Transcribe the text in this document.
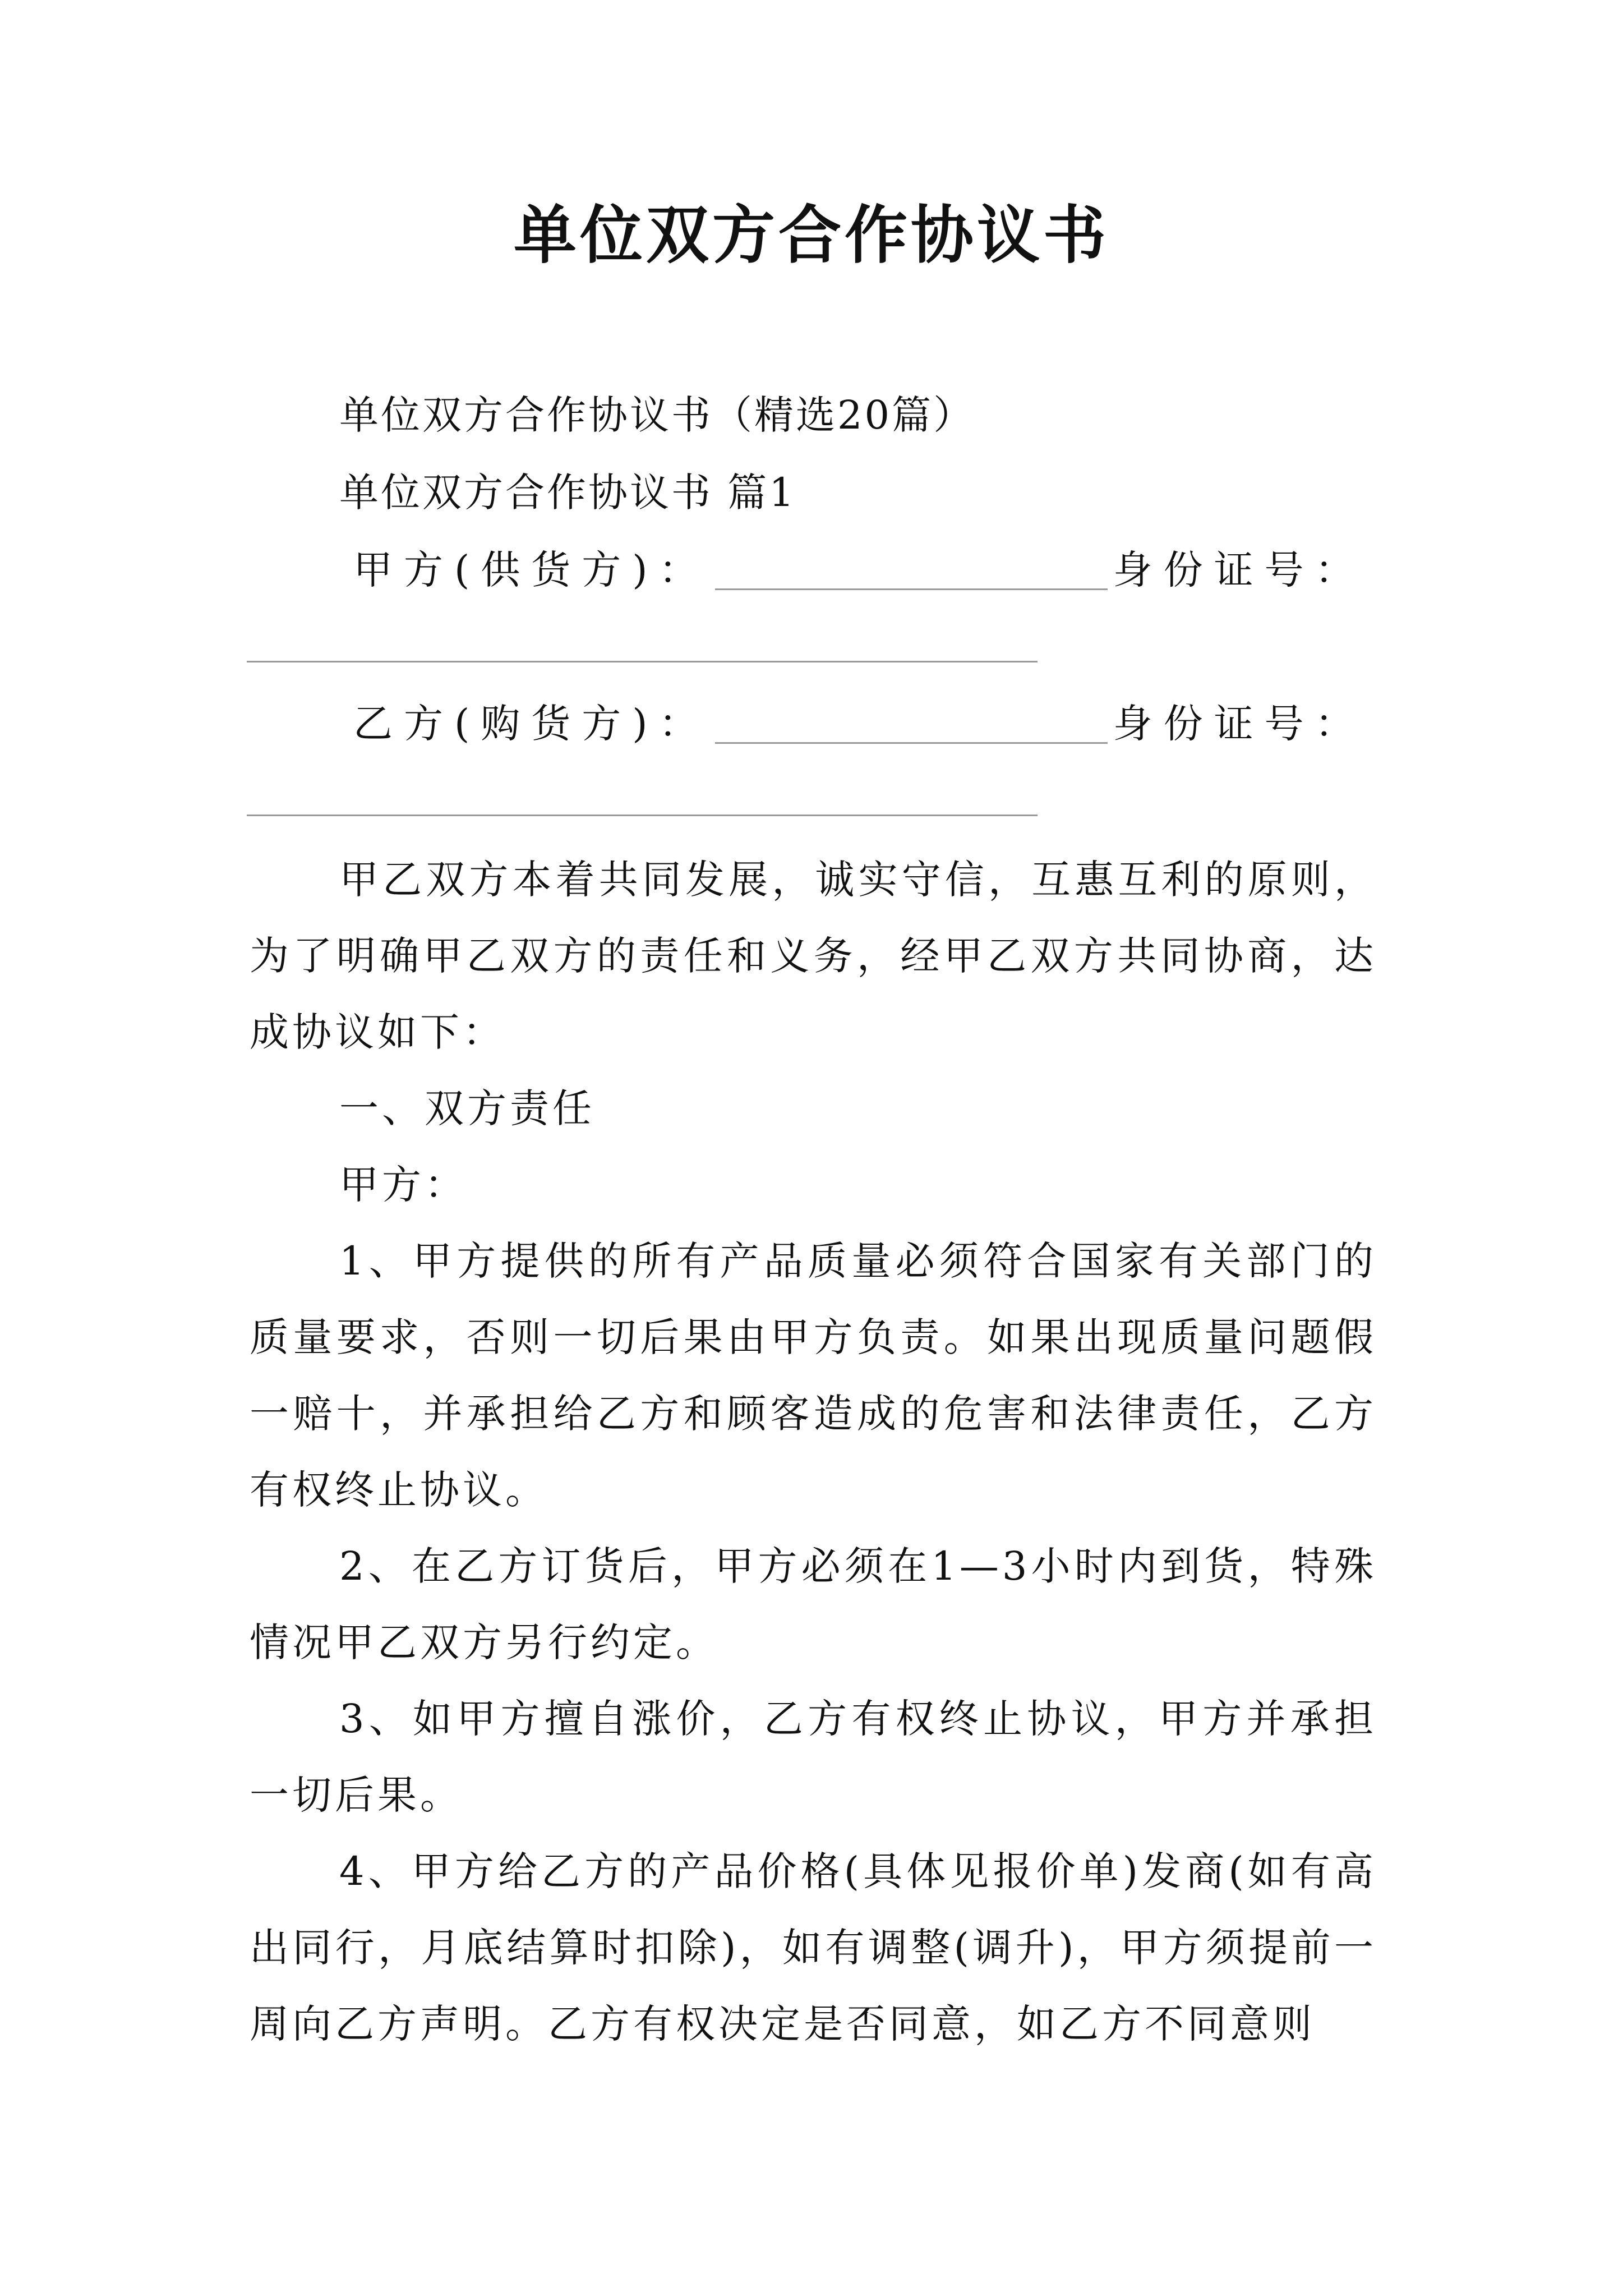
单位双方合作协议书

单位双方合作协议书（精选20篇）

单位双方合作协议书 篇1

甲方(供货方)：	身份证号：
乙方(购货方)：	身份证号：

甲乙双方本着共同发展，诚实守信，互惠互利的原则，为了明确甲乙双方的责任和义务，经甲乙双方共同协商，达成协议如下：

一、双方责任

甲方：

1、甲方提供的所有产品质量必须符合国家有关部门的质量要求，否则一切后果由甲方负责。如果出现质量问题假一赔十，并承担给乙方和顾客造成的危害和法律责任，乙方有权终止协议。

2、在乙方订货后，甲方必须在1—3小时内到货，特殊情况甲乙双方另行约定。

3、如甲方擅自涨价，乙方有权终止协议，甲方并承担一切后果。

4、甲方给乙方的产品价格(具体见报价单)发商(如有高出同行，月底结算时扣除)，如有调整(调升)，甲方须提前一周向乙方声明。乙方有权决定是否同意，如乙方不同意则
